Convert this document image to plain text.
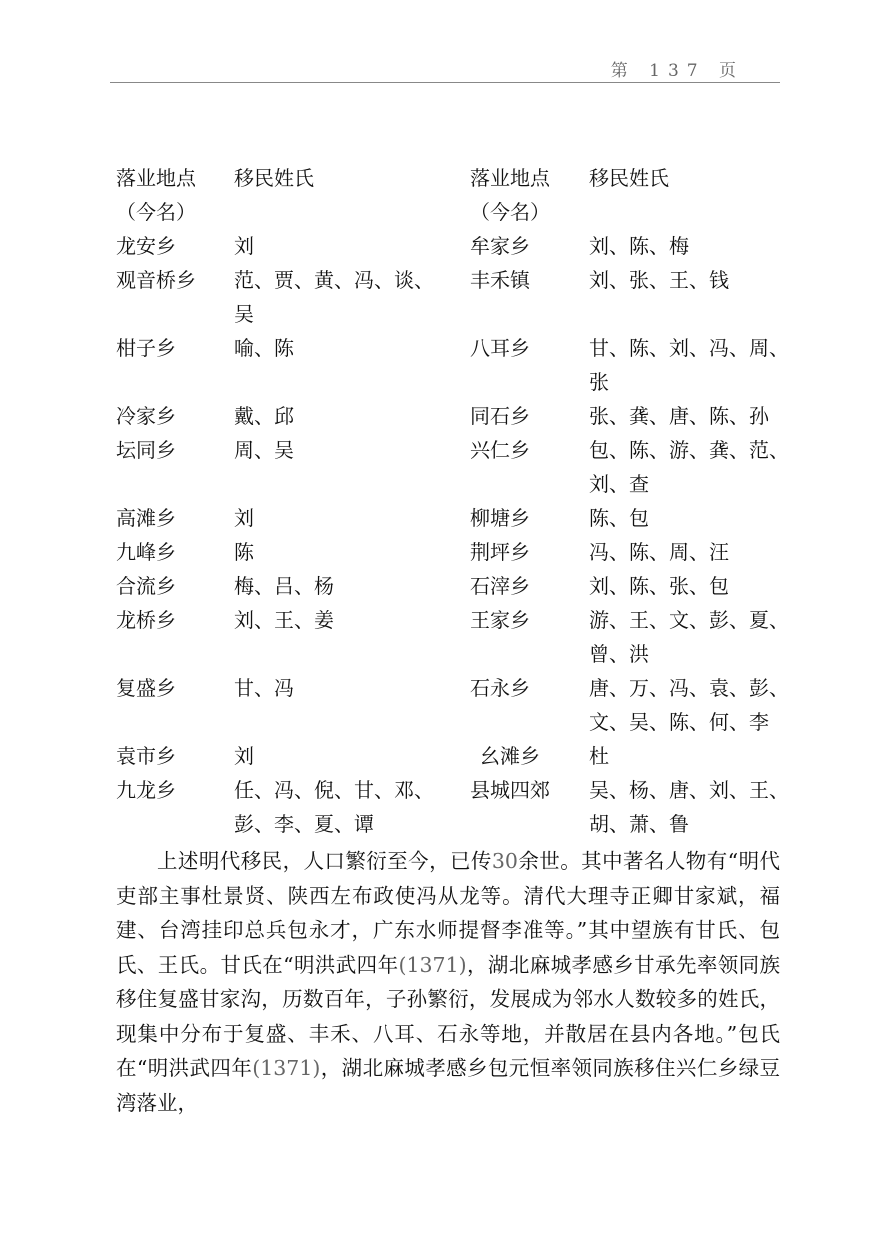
第 137 页
落业地点
（今名）
移民姓氏	落业地点
（今名）
移民姓氏
龙安乡
观音桥乡

柑子乡

冷家乡
坛同乡

高滩乡
九峰乡
合流乡
龙桥乡

复盛乡

袁市乡
九龙乡
刘
范、贾、黄、冯、谈、
吴
喻、陈

戴、邱
周、吴

刘
陈
梅、吕、杨
刘、王、姜

甘、冯

刘
任、冯、倪、甘、邓、
彭、李、夏、谭
牟家乡
丰禾镇

八耳乡

同石乡
兴仁乡

柳塘乡
荆坪乡
石滓乡
王家乡

石永乡

幺滩乡
县城四郊
刘、陈、梅
刘、张、王、钱

甘、陈、刘、冯、周、
张
张、龚、唐、陈、孙
包、陈、游、龚、范、
刘、查
陈、包
冯、陈、周、汪
刘、陈、张、包
游、王、文、彭、夏、
曾、洪
唐、万、冯、袁、彭、
文、吴、陈、何、李
杜
吴、杨、唐、刘、王、
胡、萧、鲁

上述明代移民，人口繁衍至今，已传30余世。其中著名人物有“明代吏部主事杜景贤、陕西左布政使冯从龙等。清代大理寺正卿甘家斌，福建、台湾挂印总兵包永才，广东水师提督李准等。”其中望族有甘氏、包氏、王氏。甘氏在“明洪武四年(1371)，湖北麻城孝感乡甘承先率领同族移住复盛甘家沟，历数百年，子孙繁衍，发展成为邻水人数较多的姓氏，现集中分布于复盛、丰禾、八耳、石永等地，并散居在县内各地。”包氏在“明洪武四年(1371)，湖北麻城孝感乡包元恒率领同族移住兴仁乡绿豆湾落业，
